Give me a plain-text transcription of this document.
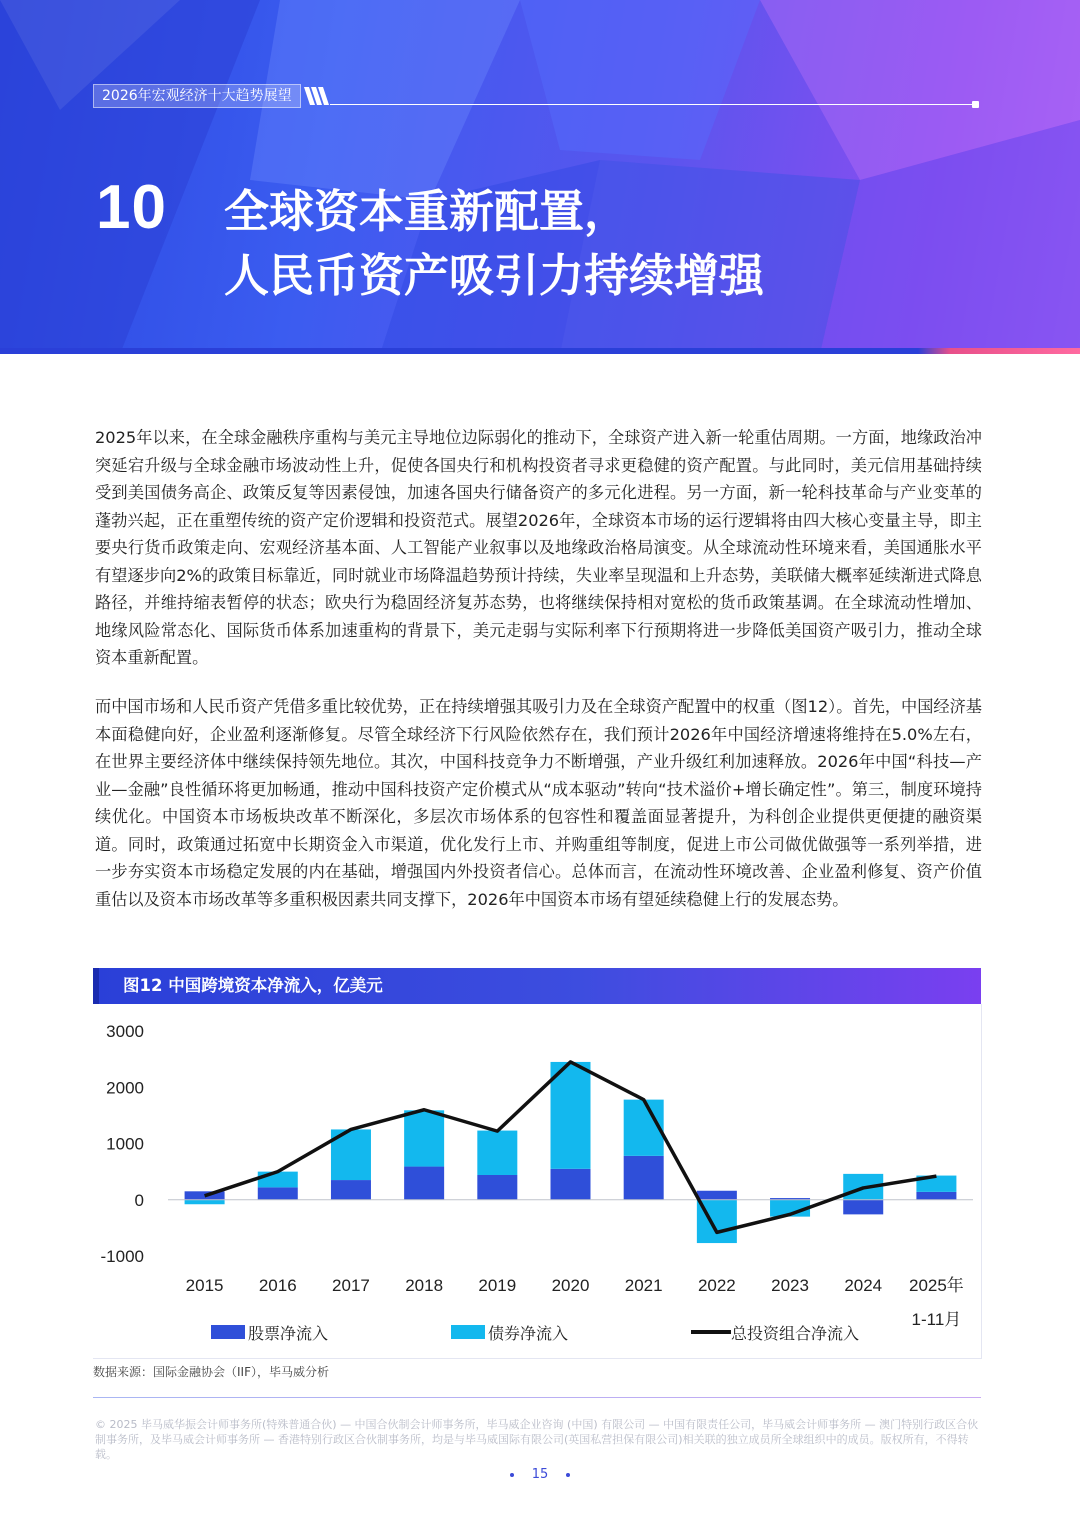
2026年宏观经济十大趋势展望
10 全球资本重新配置，
人民币资产吸引力持续增强

2025年以来，在全球金融秩序重构与美元主导地位边际弱化的推动下，全球资产进入新一轮重估周期。一方面，地缘政治冲突延宕升级与全球金融市场波动性上升，促使各国央行和机构投资者寻求更稳健的资产配置。与此同时，美元信用基础持续受到美国债务高企、政策反复等因素侵蚀，加速各国央行储备资产的多元化进程。另一方面，新一轮科技革命与产业变革的蓬勃兴起，正在重塑传统的资产定价逻辑和投资范式。展望2026年，全球资本市场的运行逻辑将由四大核心变量主导，即主要央行货币政策走向、宏观经济基本面、人工智能产业叙事以及地缘政治格局演变。从全球流动性环境来看，美国通胀水平有望逐步向2%的政策目标靠近，同时就业市场降温趋势预计持续，失业率呈现温和上升态势，美联储大概率延续渐进式降息路径，并维持缩表暂停的状态；欧央行为稳固经济复苏态势，也将继续保持相对宽松的货币政策基调。在全球流动性增加、地缘风险常态化、国际货币体系加速重构的背景下，美元走弱与实际利率下行预期将进一步降低美国资产吸引力，推动全球资本重新配置。

而中国市场和人民币资产凭借多重比较优势，正在持续增强其吸引力及在全球资产配置中的权重（图12）。首先，中国经济基本面稳健向好，企业盈利逐渐修复。尽管全球经济下行风险依然存在，我们预计2026年中国经济增速将维持在5.0%左右，在世界主要经济体中继续保持领先地位。其次，中国科技竞争力不断增强，产业升级红利加速释放。2026年中国“科技—产业—金融”良性循环将更加畅通，推动中国科技资产定价模式从“成本驱动”转向“技术溢价+增长确定性”。第三，制度环境持续优化。中国资本市场板块改革不断深化，多层次市场体系的包容性和覆盖面显著提升，为科创企业提供更便捷的融资渠道。同时，政策通过拓宽中长期资金入市渠道，优化发行上市、并购重组等制度，促进上市公司做优做强等一系列举措，进一步夯实资本市场稳定发展的内在基础，增强国内外投资者信心。总体而言，在流动性环境改善、企业盈利修复、资产价值重估以及资本市场改革等多重积极因素共同支撑下，2026年中国资本市场有望延续稳健上行的发展态势。

图12 中国跨境资本净流入，亿美元
3000
2000
1000
0
-1000
2015 2016 2017 2018 2019 2020 2021 2022 2023 2024 2025年
1-11月
股票净流入	债券净流入	总投资组合净流入
数据来源：国际金融协会（IIF），毕马威分析

© 2025 毕马威华振会计师事务所(特殊普通合伙) — 中国合伙制会计师事务所，毕马威企业咨询 (中国) 有限公司 — 中国有限责任公司，毕马威会计师事务所 — 澳门特别行政区合伙制事务所，及毕马威会计师事务所 — 香港特别行政区合伙制事务所，均是与毕马威国际有限公司(英国私营担保有限公司)相关联的独立成员所全球组织中的成员。版权所有，不得转载。

15
